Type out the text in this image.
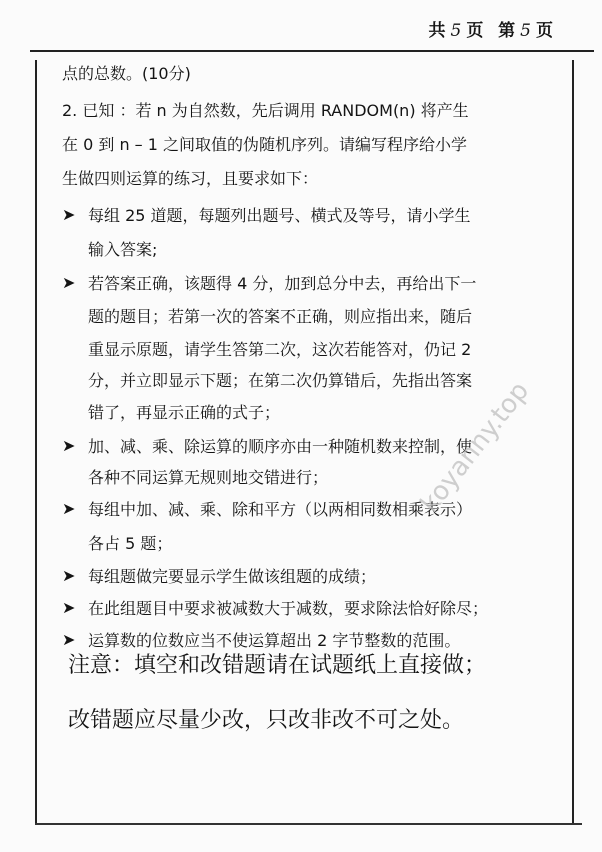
共 5 页 第 5 页
点的总数。(10分)
2. 已知 ：若 n 为自然数，先后调用 RANDOM(n) 将产生
在 0 到 n – 1 之间取值的伪随机序列。请编写程序给小学
生做四则运算的练习，且要求如下：
➤ 每组 25 道题，每题列出题号、横式及等号，请小学生
输入答案;
➤ 若答案正确，该题得 4 分，加到总分中去，再给出下一
题的题目；若第一次的答案不正确，则应指出来，随后
重显示原题，请学生答第二次，这次若能答对，仍记 2
分，并立即显示下题；在第二次仍算错后，先指出答案
错了，再显示正确的式子；
➤ 加、减、乘、除运算的顺序亦由一种随机数来控制，使
各种不同运算无规则地交错进行；
➤ 每组中加、减、乘、除和平方（以两相同数相乘表示）
各占 5 题；
➤ 每组题做完要显示学生做该组题的成绩；
➤ 在此组题目中要求被减数大于减数，要求除法恰好除尽；
➤ 运算数的位数应当不使运算超出 2 字节整数的范围。
注意：填空和改错题请在试题纸上直接做；
改错题应尽量少改，只改非改不可之处。
koyanny.top
